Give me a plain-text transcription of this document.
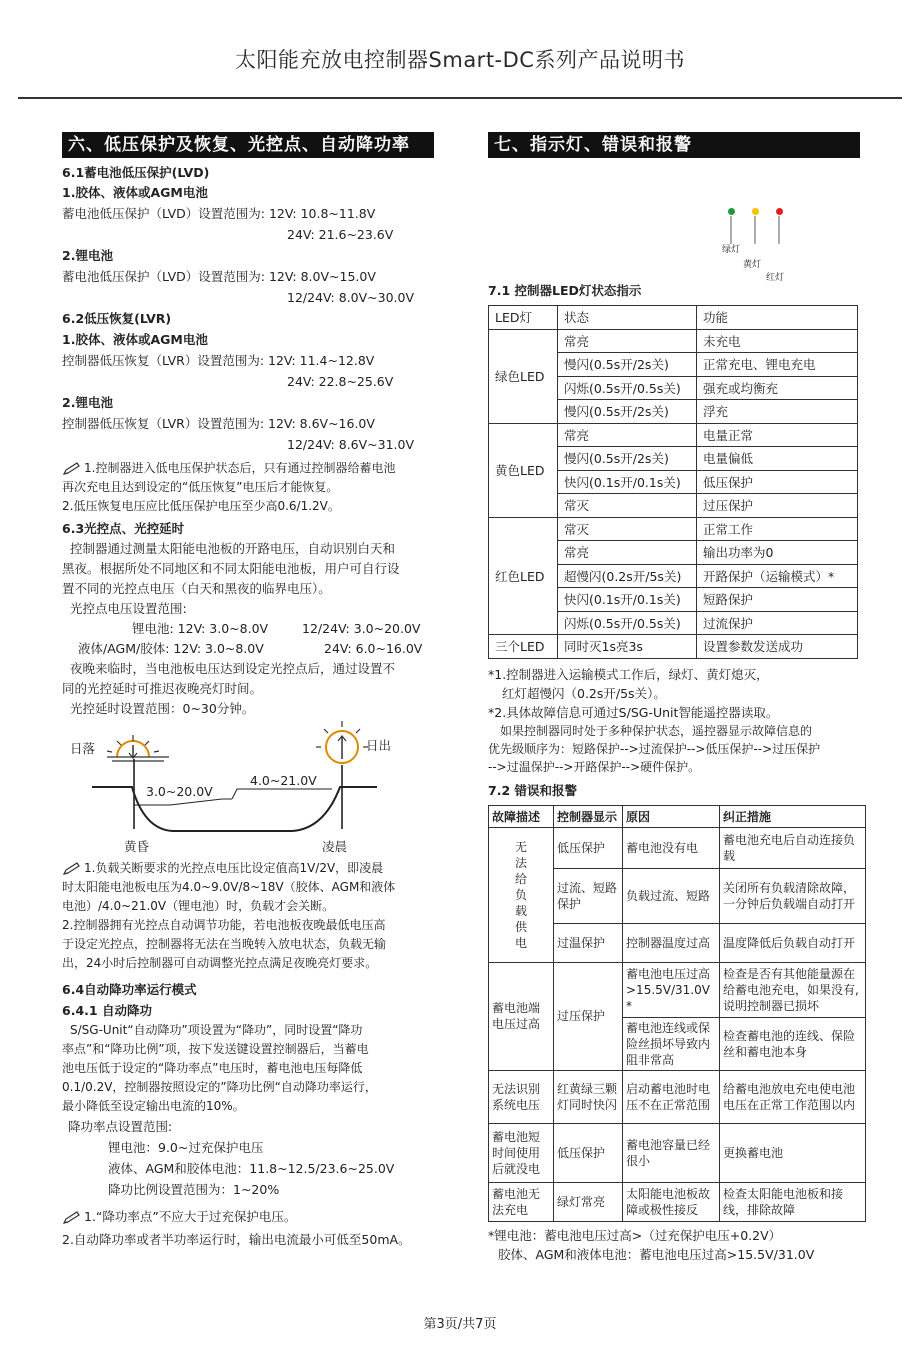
太阳能充放电控制器Smart-DC系列产品说明书
六、低压保护及恢复、光控点、自动降功率
6.1蓄电池低压保护(LVD)
1.胶体、液体或AGM电池
蓄电池低压保护（LVD）设置范围为: 12V: 10.8~11.8V
24V: 21.6~23.6V
2.锂电池
蓄电池低压保护（LVD）设置范围为: 12V: 8.0V~15.0V
12/24V: 8.0V~30.0V
6.2低压恢复(LVR)
1.胶体、液体或AGM电池
控制器低压恢复（LVR）设置范围为: 12V: 11.4~12.8V
24V: 22.8~25.6V
2.锂电池
控制器低压恢复（LVR）设置范围为: 12V: 8.6V~16.0V
12/24V: 8.6V~31.0V
1.控制器进入低电压保护状态后，只有通过控制器给蓄电池
再次充电且达到设定的“低压恢复”电压后才能恢复。
2.低压恢复电压应比低压保护电压至少高0.6/1.2V。
6.3光控点、光控延时
控制器通过测量太阳能电池板的开路电压，自动识别白天和
黑夜。根据所处不同地区和不同太阳能电池板，用户可自行设
置不同的光控点电压（白天和黑夜的临界电压）。
光控点电压设置范围:
锂电池: 12V: 3.0~8.0V	12/24V: 3.0~20.0V
液体/AGM/胶体: 12V: 3.0~8.0V	24V: 6.0~16.0V
夜晚来临时，当电池板电压达到设定光控点后，通过设置不
同的光控延时可推迟夜晚亮灯时间。
光控延时设置范围：0~30分钟。
日落	日出
3.0~20.0V
4.0~21.0V
黄昏	凌晨
1.负载关断要求的光控点电压比设定值高1V/2V，即凌晨
时太阳能电池板电压为4.0~9.0V/8~18V（胶体、AGM和液体
电池）/4.0~21.0V（锂电池）时，负载才会关断。
2.控制器拥有光控点自动调节功能，若电池板夜晚最低电压高
于设定光控点，控制器将无法在当晚转入放电状态，负载无输
出，24小时后控制器可自动调整光控点满足夜晚亮灯要求。
6.4自动降功率运行模式
6.4.1 自动降功
S/SG-Unit“自动降功”项设置为“降功”，同时设置“降功
率点”和“降功比例”项，按下发送键设置控制器后，当蓄电
池电压低于设定的“降功率点”电压时，蓄电池电压每降低
0.1/0.2V，控制器按照设定的”降功比例“自动降功率运行，
最小降低至设定输出电流的10%。
降功率点设置范围:
锂电池：9.0~过充保护电压
液体、AGM和胶体电池：11.8~12.5/23.6~25.0V
降功比例设置范围为：1~20%
1.“降功率点”不应大于过充保护电压。
2.自动降功率或者半功率运行时，输出电流最小可低至50mA。
七、指示灯、错误和报警
绿灯
黄灯
红灯
7.1 控制器LED灯状态指示
LED灯	状态	功能
绿色LED	常亮	未充电
	慢闪(0.5s开/2s关)	正常充电、锂电充电
	闪烁(0.5s开/0.5s关)	强充或均衡充
	慢闪(0.5s开/2s关)	浮充
黄色LED	常亮	电量正常
	慢闪(0.5s开/2s关)	电量偏低
	快闪(0.1s开/0.1s关)	低压保护
	常灭	过压保护
红色LED	常灭	正常工作
	常亮	输出功率为0
	超慢闪(0.2s开/5s关)	开路保护（运输模式）*
	快闪(0.1s开/0.1s关)	短路保护
	闪烁(0.5s开/0.5s关)	过流保护
三个LED	同时灭1s亮3s	设置参数发送成功
*1.控制器进入运输模式工作后，绿灯、黄灯熄灭，
红灯超慢闪（0.2s开/5s关）。
*2.具体故障信息可通过S/SG-Unit智能遥控器读取。
如果控制器同时处于多种保护状态，遥控器显示故障信息的
优先级顺序为：短路保护-->过流保护-->低压保护-->过压保护
-->过温保护-->开路保护-->硬件保护。
7.2 错误和报警
故障描述	控制器显示	原因	纠正措施

无法给负载供电	低压保护	蓄电池没有电	蓄电池充电后自动连接负载
	过流、短路保护	负载过流、短路	关闭所有负载清除故障，一分钟后负载端自动打开
	过温保护	控制器温度过高	温度降低后负载自动打开
蓄电池端电压过高	过压保护	蓄电池电压过高>15.5V/31.0V *	检查是否有其他能量源在给蓄电池充电，如果没有,说明控制器已损坏
		蓄电池连线或保险丝损坏导致内阻非常高	检查蓄电池的连线、保险丝和蓄电池本身
无法识别系统电压	红黄绿三颗灯同时快闪	启动蓄电池时电压不在正常范围	给蓄电池放电充电使电池电压在正常工作范围以内
蓄电池短时间使用后就没电	低压保护	蓄电池容量已经很小	更换蓄电池
蓄电池无法充电	绿灯常亮	太阳能电池板故障或极性接反	检查太阳能电池板和接线，排除故障
*锂电池：蓄电池电压过高>（过充保护电压+0.2V）
胶体、AGM和液体电池：蓄电池电压过高>15.5V/31.0V
第3页/共7页
